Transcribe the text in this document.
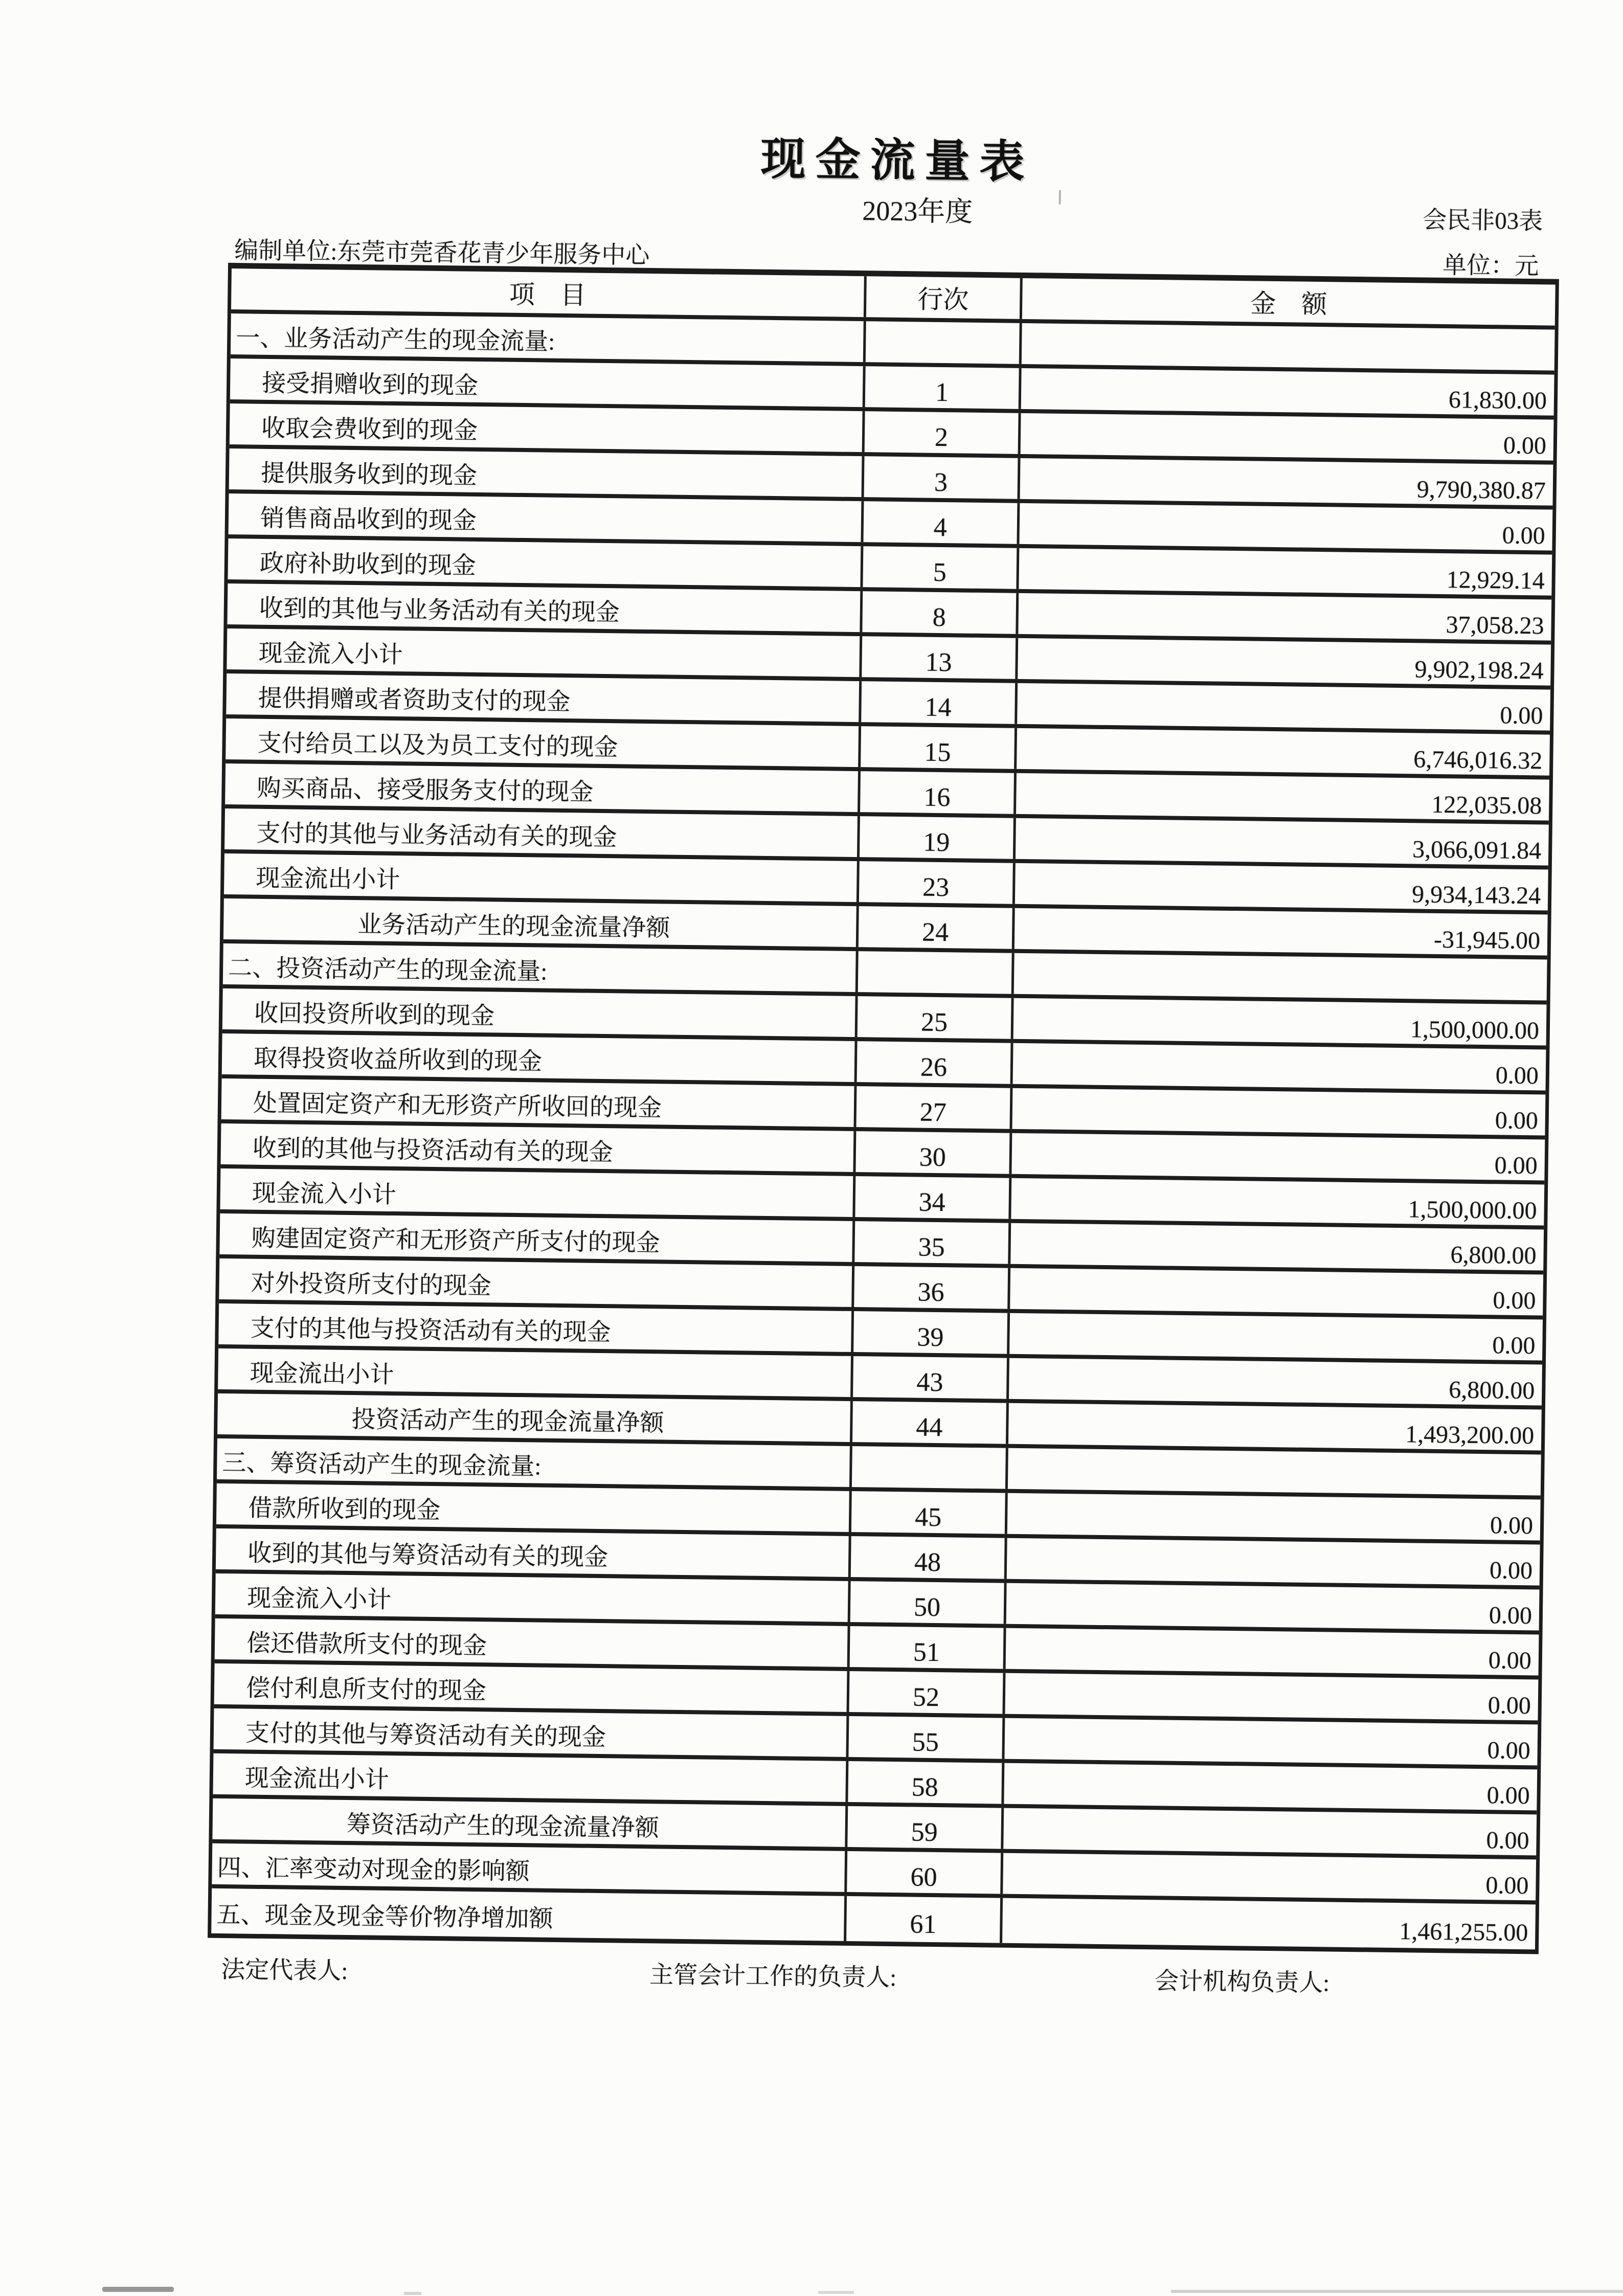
现金流量表
2023年度	会民非03表
编制单位:东莞市莞香花青少年服务中心	单位：元
项　目	行次	金　额
一、业务活动产生的现金流量:
接受捐赠收到的现金	1	61,830.00
收取会费收到的现金	2	0.00
提供服务收到的现金	3	9,790,380.87
销售商品收到的现金	4	0.00
政府补助收到的现金	5	12,929.14
收到的其他与业务活动有关的现金	8	37,058.23
现金流入小计	13	9,902,198.24
提供捐赠或者资助支付的现金	14	0.00
支付给员工以及为员工支付的现金	15	6,746,016.32
购买商品、接受服务支付的现金	16	122,035.08
支付的其他与业务活动有关的现金	19	3,066,091.84
现金流出小计	23	9,934,143.24
业务活动产生的现金流量净额	24	-31,945.00
二、投资活动产生的现金流量:
收回投资所收到的现金	25	1,500,000.00
取得投资收益所收到的现金	26	0.00
处置固定资产和无形资产所收回的现金	27	0.00
收到的其他与投资活动有关的现金	30	0.00
现金流入小计	34	1,500,000.00
购建固定资产和无形资产所支付的现金	35	6,800.00
对外投资所支付的现金	36	0.00
支付的其他与投资活动有关的现金	39	0.00
现金流出小计	43	6,800.00
投资活动产生的现金流量净额	44	1,493,200.00
三、筹资活动产生的现金流量:
借款所收到的现金	45	0.00
收到的其他与筹资活动有关的现金	48	0.00
现金流入小计	50	0.00
偿还借款所支付的现金	51	0.00
偿付利息所支付的现金	52	0.00
支付的其他与筹资活动有关的现金	55	0.00
现金流出小计	58	0.00
筹资活动产生的现金流量净额	59	0.00
四、汇率变动对现金的影响额	60	0.00
五、现金及现金等价物净增加额	61	1,461,255.00
法定代表人:	主管会计工作的负责人:	会计机构负责人:
